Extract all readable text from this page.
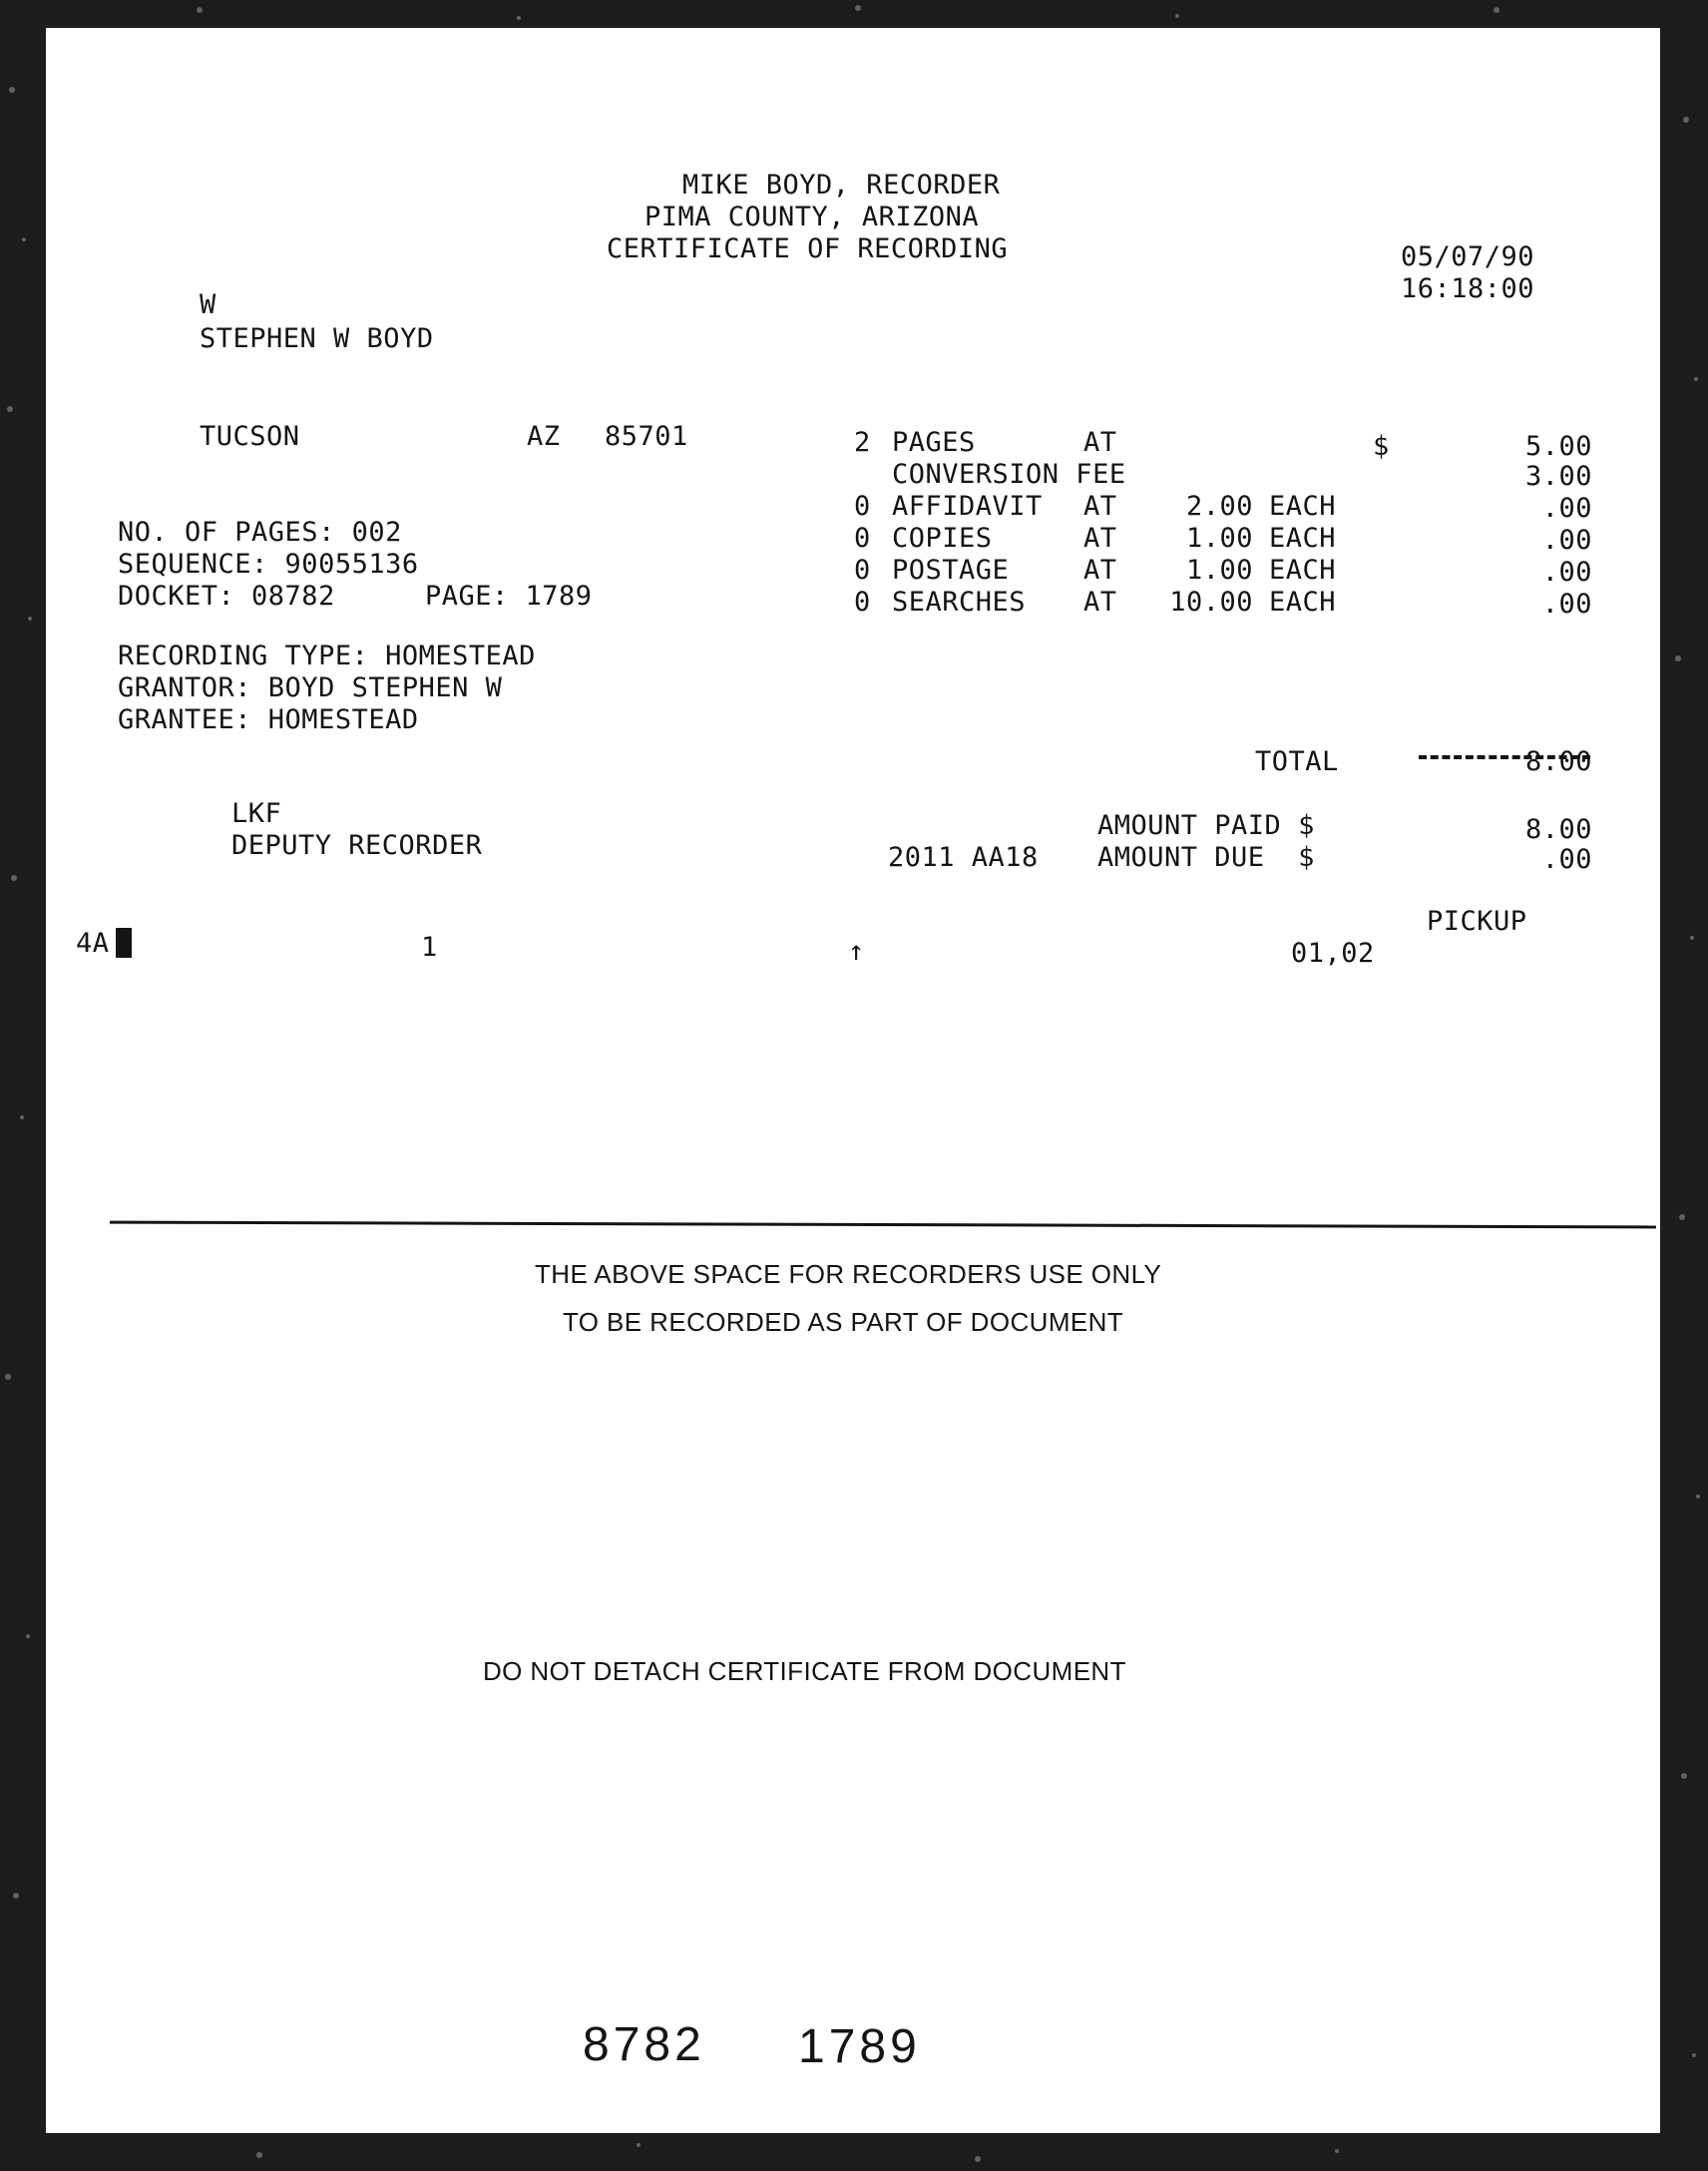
MIKE BOYD, RECORDER
PIMA COUNTY, ARIZONA
CERTIFICATE OF RECORDING	05/07/90
16:18:00
W
STEPHEN W BOYD
TUCSON	AZ 85701
NO. OF PAGES: 002
SEQUENCE: 90055136
DOCKET: 08782	PAGE: 1789
RECORDING TYPE: HOMESTEAD
GRANTOR: BOYD STEPHEN W
GRANTEE: HOMESTEAD
2 PAGES	AT	$	5.00
CONVERSION FEE	3.00
0 AFFIDAVIT AT	2.00 EACH	.00
0 COPIES	AT	1.00 EACH	.00
0 POSTAGE	AT	1.00 EACH	.00
0 SEARCHES AT	10.00 EACH	.00
TOTAL	8.00
AMOUNT PAID $	8.00
2011 AA18 AMOUNT DUE  $	.00
LKF
DEPUTY RECORDER
4A	1	↑	01,02
PICKUP
THE ABOVE SPACE FOR RECORDERS USE ONLY
TO BE RECORDED AS PART OF DOCUMENT
DO NOT DETACH CERTIFICATE FROM DOCUMENT
8782 1789
